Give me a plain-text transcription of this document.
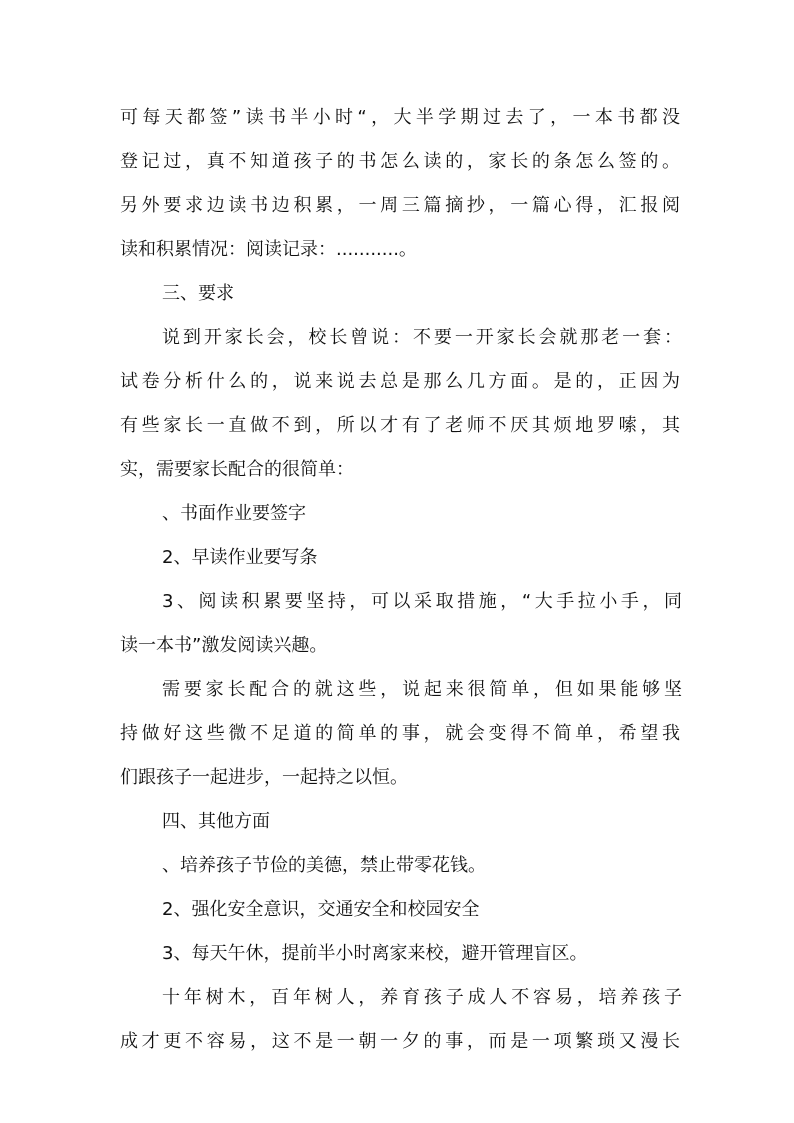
可每天都签”读书半小时“，大半学期过去了，一本书都没

登记过，真不知道孩子的书怎么读的，家长的条怎么签的。

另外要求边读书边积累，一周三篇摘抄，一篇心得，汇报阅

读和积累情况：阅读记录：...........。

三、要求

说到开家长会，校长曾说：不要一开家长会就那老一套：

试卷分析什么的，说来说去总是那么几方面。是的，正因为

有些家长一直做不到，所以才有了老师不厌其烦地罗嗦，其

实，需要家长配合的很简单：

、书面作业要签字

2、早读作业要写条

3、阅读积累要坚持，可以采取措施，“大手拉小手，同

读一本书”激发阅读兴趣。

需要家长配合的就这些，说起来很简单，但如果能够坚

持做好这些微不足道的简单的事，就会变得不简单，希望我

们跟孩子一起进步，一起持之以恒。

四、其他方面

、培养孩子节俭的美德，禁止带零花钱。

2、强化安全意识，交通安全和校园安全

3、每天午休，提前半小时离家来校，避开管理盲区。

十年树木，百年树人，养育孩子成人不容易，培养孩子

成才更不容易，这不是一朝一夕的事，而是一项繁琐又漫长
